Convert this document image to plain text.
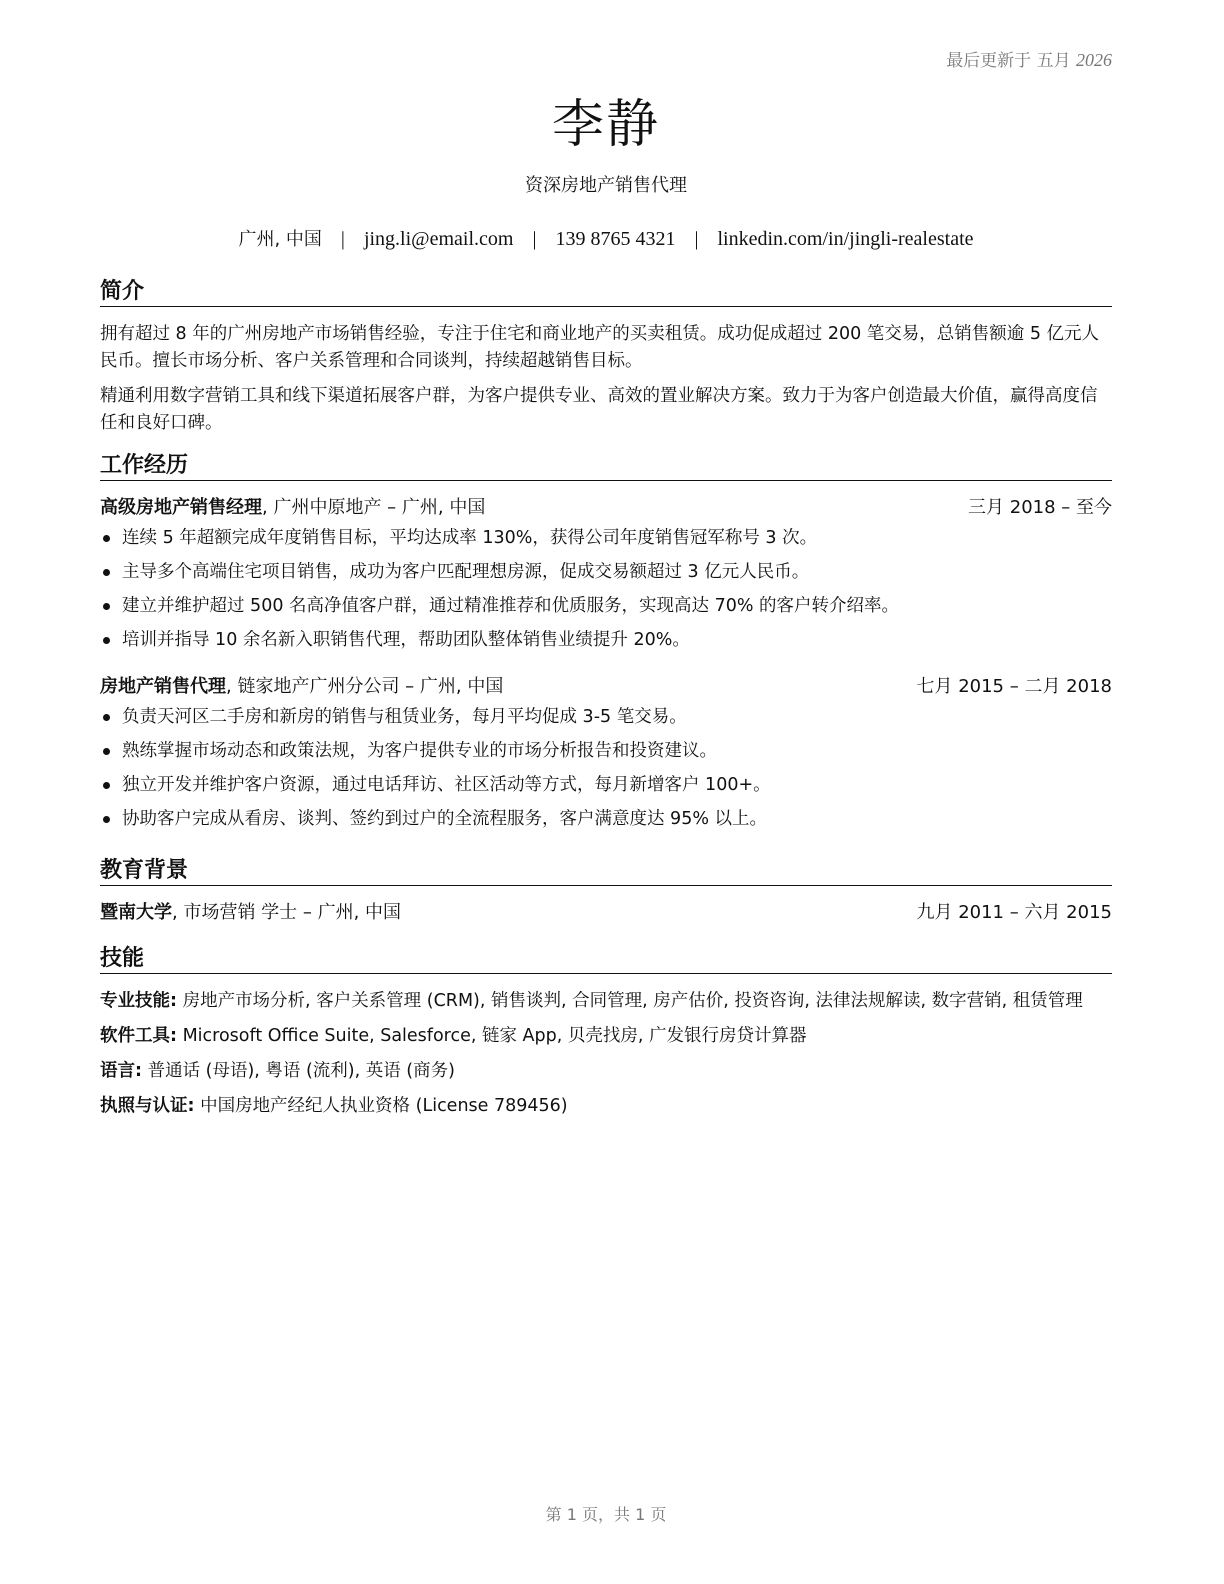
最后更新于 五月 2026
李静
资深房地产销售代理
广州, 中国 | jing.li@email.com | 139 8765 4321 | linkedin.com/in/jingli-realestate
简介

拥有超过 8 年的广州房地产市场销售经验，专注于住宅和商业地产的买卖租赁。成功促成超过 200 笔交易，总销售额逾 5 亿元人民币。擅长市场分析、客户关系管理和合同谈判，持续超越销售目标。

精通利用数字营销工具和线下渠道拓展客户群，为客户提供专业、高效的置业解决方案。致力于为客户创造最大价值，赢得高度信任和良好口碑。

工作经历
高级房地产销售经理, 广州中原地产 – 广州, 中国	三月 2018 – 至今
连续 5 年超额完成年度销售目标，平均达成率 130%，获得公司年度销售冠军称号 3 次。
主导多个高端住宅项目销售，成功为客户匹配理想房源，促成交易额超过 3 亿元人民币。
建立并维护超过 500 名高净值客户群，通过精准推荐和优质服务，实现高达 70% 的客户转介绍率。
培训并指导 10 余名新入职销售代理，帮助团队整体销售业绩提升 20%。
房地产销售代理, 链家地产广州分公司 – 广州, 中国	七月 2015 – 二月 2018
负责天河区二手房和新房的销售与租赁业务，每月平均促成 3-5 笔交易。
熟练掌握市场动态和政策法规，为客户提供专业的市场分析报告和投资建议。
独立开发并维护客户资源，通过电话拜访、社区活动等方式，每月新增客户 100+。
协助客户完成从看房、谈判、签约到过户的全流程服务，客户满意度达 95% 以上。
教育背景
暨南大学, 市场营销 学士 – 广州, 中国	九月 2011 – 六月 2015
技能

专业技能: 房地产市场分析, 客户关系管理 (CRM), 销售谈判, 合同管理, 房产估价, 投资咨询, 法律法规解读, 数字营销, 租赁管理

软件工具: Microsoft Office Suite, Salesforce, 链家 App, 贝壳找房, 广发银行房贷计算器

语言: 普通话 (母语), 粤语 (流利), 英语 (商务)

执照与认证: 中国房地产经纪人执业资格 (License 789456)

第 1 页，共 1 页
